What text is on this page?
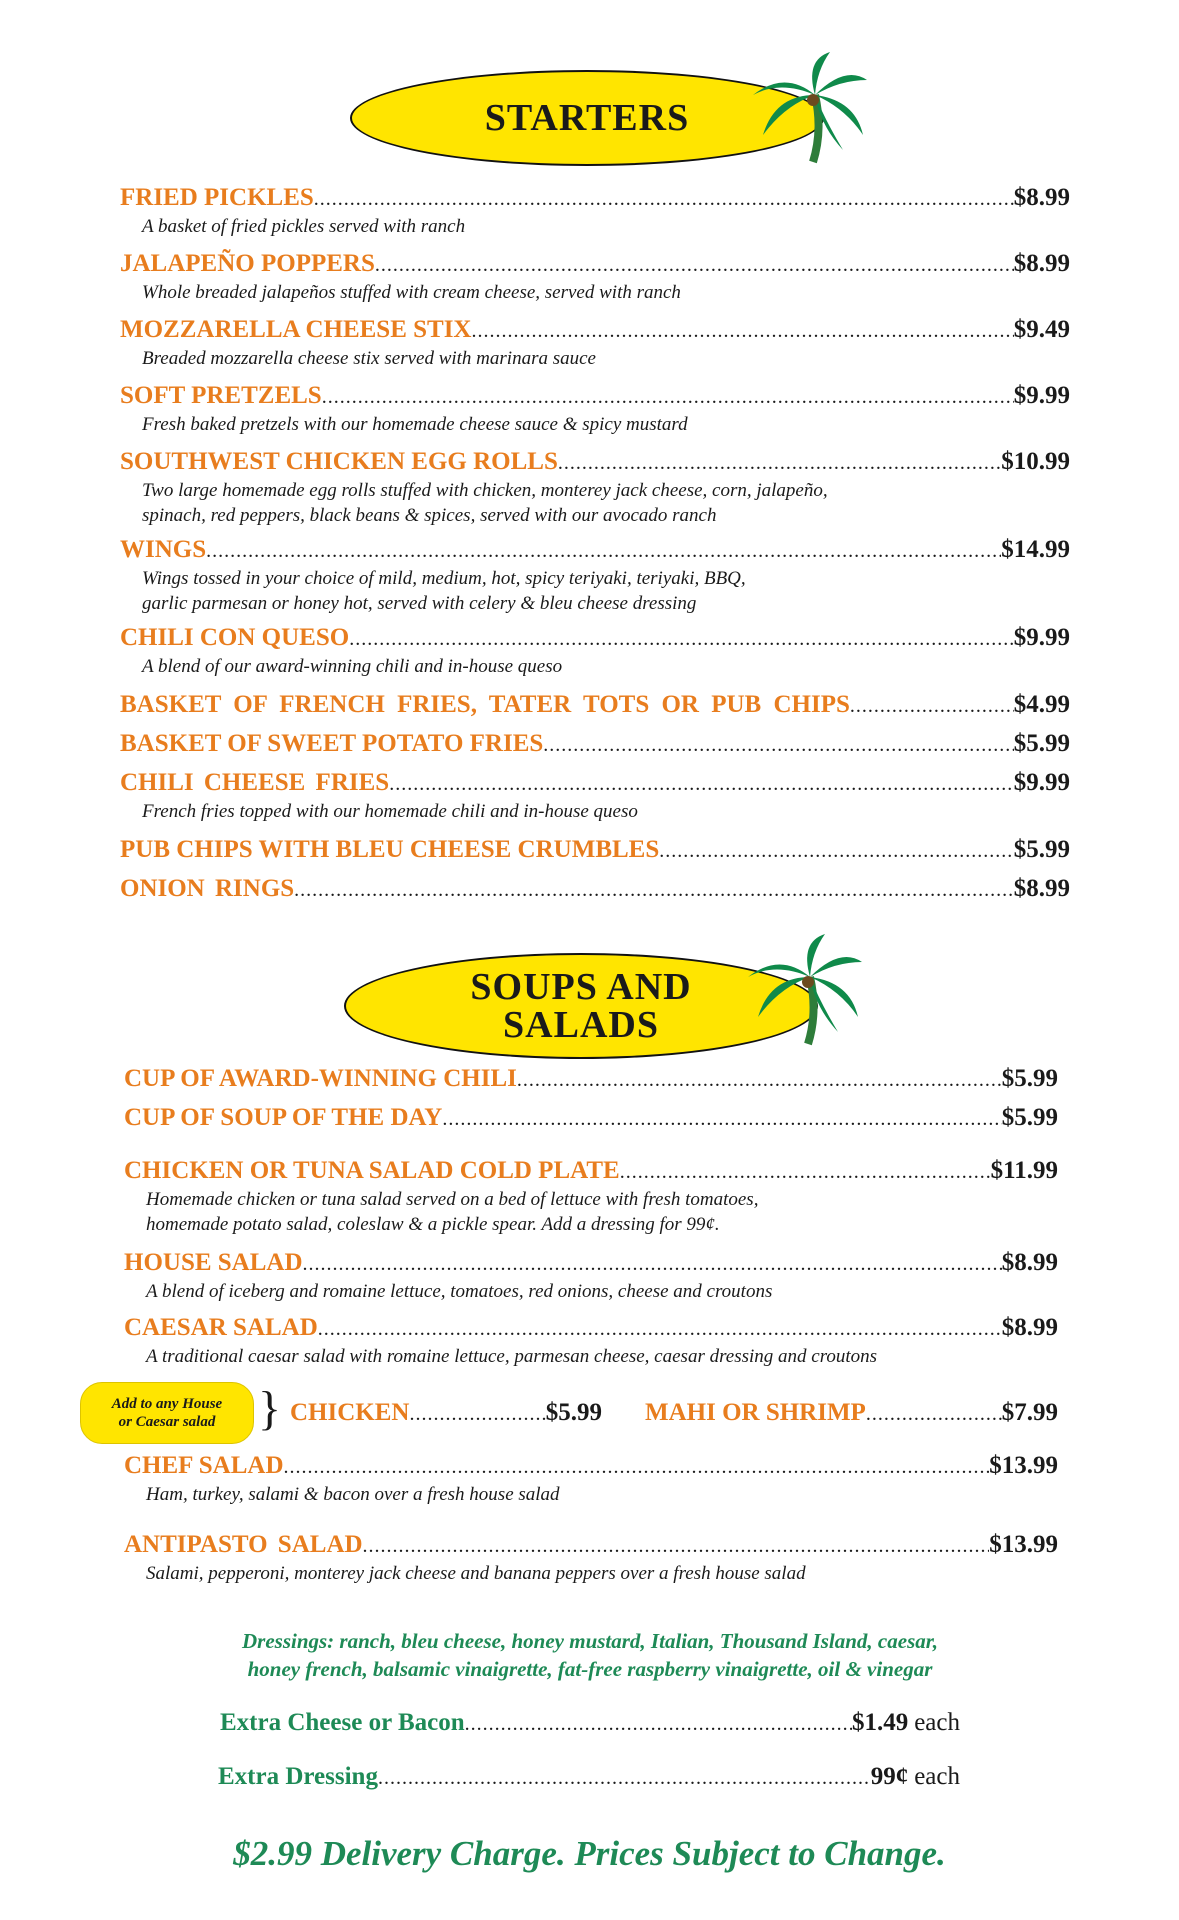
STARTERS
FRIED PICKLES .....	$8.99
A basket of fried pickles served with ranch
JALAPEÑO POPPERS .....	$8.99
Whole breaded jalapeños stuffed with cream cheese, served with ranch
MOZZARELLA CHEESE STIX .....	$9.49
Breaded mozzarella cheese stix served with marinara sauce
SOFT PRETZELS .....	$9.99
Fresh baked pretzels with our homemade cheese sauce & spicy mustard
SOUTHWEST CHICKEN EGG ROLLS .....	$10.99
Two large homemade egg rolls stuffed with chicken, monterey jack cheese, corn, jalapeño,
spinach, red peppers, black beans & spices, served with our avocado ranch
WINGS .....	$14.99
Wings tossed in your choice of mild, medium, hot, spicy teriyaki, teriyaki, BBQ,
garlic parmesan or honey hot, served with celery & bleu cheese dressing
CHILI CON QUESO .....	$9.99
A blend of our award-winning chili and in-house queso
BASKET OF FRENCH FRIES, TATER TOTS OR PUB CHIPS .....	$4.99
BASKET OF SWEET POTATO FRIES .....	$5.99
CHILI CHEESE FRIES .....	$9.99
French fries topped with our homemade chili and in-house queso
PUB CHIPS WITH BLEU CHEESE CRUMBLES .....	$5.99
ONION RINGS .....	$8.99
SOUPS AND
SALADS
CUP OF AWARD-WINNING CHILI .....	$5.99
CUP OF SOUP OF THE DAY .....	$5.99
CHICKEN OR TUNA SALAD COLD PLATE .....	$11.99
Homemade chicken or tuna salad served on a bed of lettuce with fresh tomatoes,
homemade potato salad, coleslaw & a pickle spear. Add a dressing for 99¢.
HOUSE SALAD .....	$8.99
A blend of iceberg and romaine lettuce, tomatoes, red onions, cheese and croutons
CAESAR SALAD .....	$8.99
A traditional caesar salad with romaine lettuce, parmesan cheese, caesar dressing and croutons
Add to any House
or Caesar salad } CHICKEN .....	$5.99 MAHI OR SHRIMP .....	$7.99
CHEF SALAD .....	$13.99
Ham, turkey, salami & bacon over a fresh house salad
ANTIPASTO SALAD .....	$13.99
Salami, pepperoni, monterey jack cheese and banana peppers over a fresh house salad
Dressings: ranch, bleu cheese, honey mustard, Italian, Thousand Island, caesar,
honey french, balsamic vinaigrette, fat-free raspberry vinaigrette, oil & vinegar
Extra Cheese or Bacon .....	$1.49 each
Extra Dressing .....	99¢ each
$2.99 Delivery Charge. Prices Subject to Change.
